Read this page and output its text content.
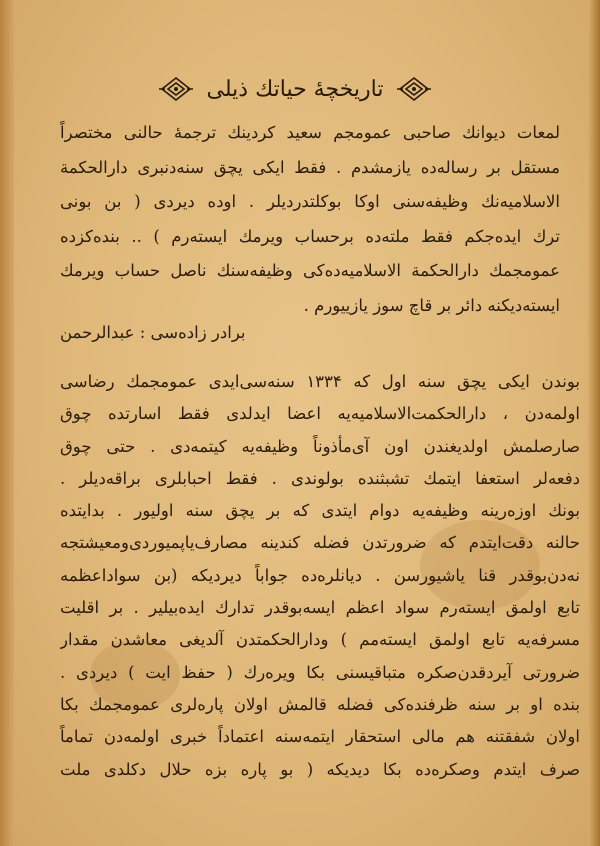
تاریخچهٔ حیاتك ذیلی
لمعات دیوانك صاحبی عمومجم سعید کردینك ترجمهٔ حالنی مختصراً
مستقل بر رساله‌ده یازمشدم . فقط ایکی یچق سنه‌دنبری دارالحکمة
الاسلامیه‌نك وظیفه‌سنی اوکا بوکلتدردیلر . اوده دیردی ( بن بونی
ترك ایده‌جکم فقط ملته‌ده برحساب ویرمك ایسته‌رم ) .. بنده‌کزده
عمومجمك دارالحکمة الاسلامیه‌ده‌کی وظیفه‌سنك ناصل حساب ویرمك
ایسته‌دیکنه دائر بر قاچ سوز یازییورم .
برادر زاده‌سی : عبدالرحمن
بوندن ایکی یچق سنه اول که ۱۳۳۴ سنه‌سی‌ایدی عمومجمك رضاسی
اولمه‌دن ، دارالحکمت‌الاسلامیه‌یه اعضا ایدلدی فقط اسارتده چوق
صارصلمش اولدیغندن اون آی‌مأذوناً وظیفه‌یه کیتمه‌دی . حتی چوق
دفعه‌لر استعفا ایتمك تشبثنده بولوندی . فقط احبابلری براقه‌دیلر .
بونك اوزه‌رینه وظیفه‌یه دوام ایتدی که بر یچق سنه اولیور . بدایتده
حالنه دقت‌ایتدم که ضرورتدن فضله کندینه مصارف‌یاپمیوردی‌ومعیشتجه
نه‌دن‌بوقدر قنا یاشیورسن . دیانلره‌ده جواباً دیردیکه (بن سواداعظمه
تابع اولمق ایسته‌رم سواد اعظم ایسه‌بوقدر تدارك ایده‌بیلیر . بر اقلیت
مسرفه‌یه تابع اولمق ایسته‌مم ) ودارالحکمتدن آلدیغی معاشدن مقدار
ضرورتی آیردقدن‌صکره متباقیسنی بکا ویره‌رك ( حفظ ایت ) دیردی .
بنده او بر سنه ظرفنده‌کی فضله قالمش اولان پاره‌لری عمومجمك بکا
اولان شفقتنه هم مالی استحقار ایتمه‌سنه اعتماداً خبری اولمه‌دن تماماً
صرف ایتدم وصکره‌ده بکا دیدیکه ( بو پاره بزه حلال دکلدی ملت
